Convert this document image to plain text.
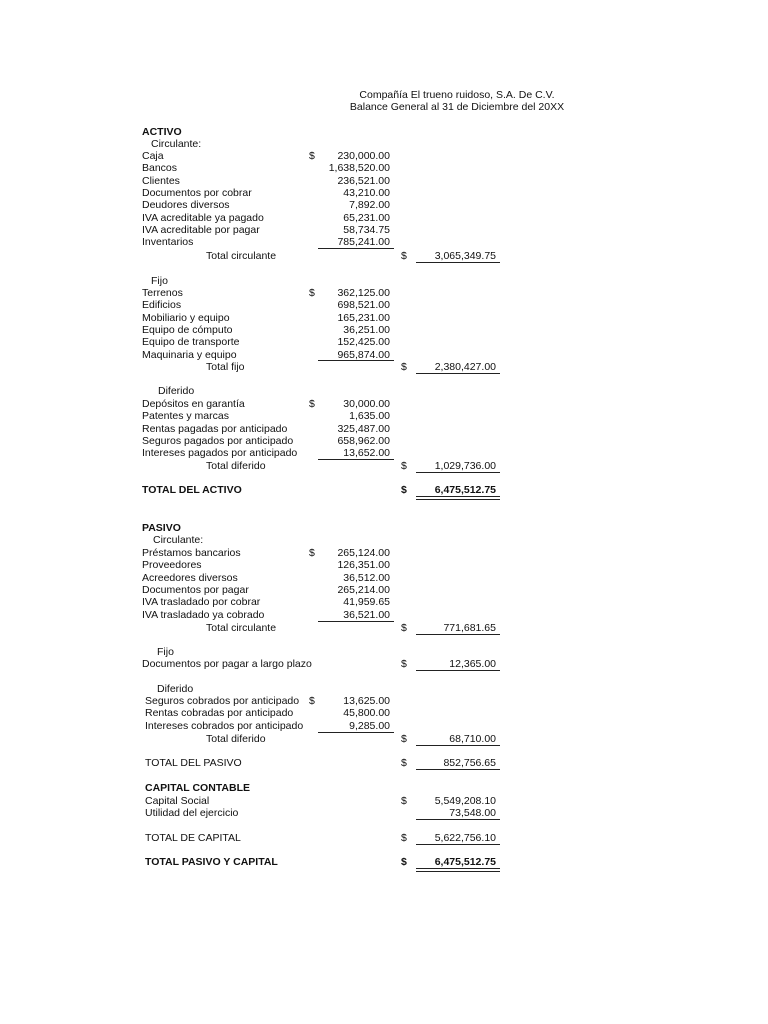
Compañía El trueno ruidoso, S.A. De C.V.
Balance General al 31 de Diciembre del 20XX
ACTIVO
Circulante:
Caja	$	230,000.00
Bancos	1,638,520.00
Clientes	236,521.00
Documentos por cobrar	43,210.00
Deudores diversos	7,892.00
IVA acreditable ya pagado	65,231.00
IVA acreditable por pagar	58,734.75
Inventarios	785,241.00
Total circulante	$	3,065,349.75
Fijo
Terrenos	$	362,125.00
Edificios	698,521.00
Mobiliario y equipo	165,231.00
Equipo de cómputo	36,251.00
Equipo de transporte	152,425.00
Maquinaria y equipo	965,874.00
Total fijo	$	2,380,427.00
Diferido
Depósitos en garantía	$	30,000.00
Patentes y marcas	1,635.00
Rentas pagadas por anticipado	325,487.00
Seguros pagados por anticipado	658,962.00
Intereses pagados por anticipado	13,652.00
Total diferido	$	1,029,736.00
TOTAL DEL ACTIVO	$	6,475,512.75
PASIVO
Circulante:
Préstamos bancarios	$	265,124.00
Proveedores	126,351.00
Acreedores diversos	36,512.00
Documentos por pagar	265,214.00
IVA trasladado por cobrar	41,959.65
IVA trasladado ya cobrado	36,521.00
Total circulante	$	771,681.65
Fijo
Documentos por pagar a largo plazo	$	12,365.00
Diferido
Seguros cobrados por anticipado $	13,625.00
Rentas cobradas por anticipado	45,800.00
Intereses cobrados por anticipado	9,285.00
Total diferido	$	68,710.00
TOTAL DEL PASIVO	$	852,756.65
CAPITAL CONTABLE
Capital Social	$	5,549,208.10
Utilidad del ejercicio	73,548.00
TOTAL DE CAPITAL	$	5,622,756.10
TOTAL PASIVO Y CAPITAL	$	6,475,512.75
